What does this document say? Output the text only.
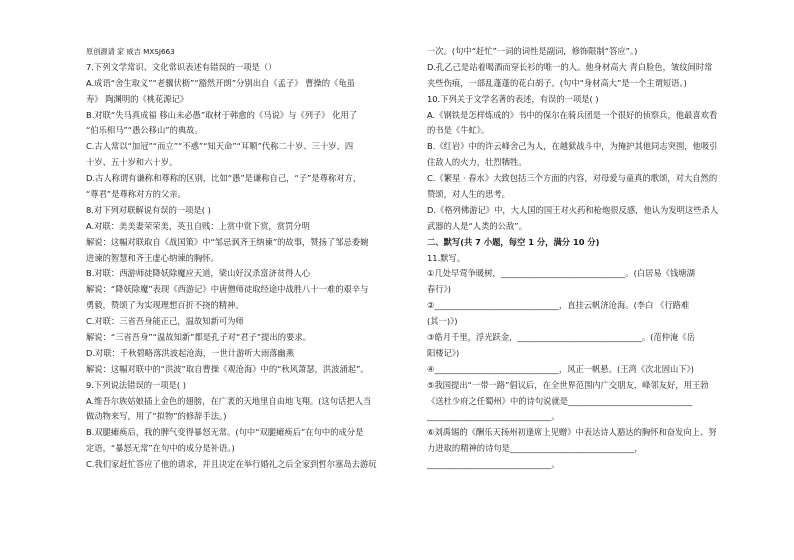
原创源请 家 威吉 MXSJ663
7.下列文学常识、文化常识表述有错误的一项是（）
A.成语“舍生取义”“老骥伏枥”“豁然开朗”分别出自《孟子》 曹操的《龟虽
寿》 陶渊明的《桃花源记》
B.对联“失马真成福 移山未必愚”取材于韩愈的《马说》与《列子》 化用了
“伯乐相马”“愚公移山”的典故。
C.古人常以“加冠”“而立”“不惑”“知天命”“耳顺”代称二十岁、三十岁、四
十岁、五十岁和六十岁。
D.古人称谓有谦称和尊称的区别，比如“愚”是谦称自己，“子”是尊称对方，
“尊君”是尊称对方的父亲。
8.对下列对联解说有误的一项是( )
A.对联：美美妻荣荣美，英丑自贱：上赏中赏下赏，赏罚分明
解说：这幅对联取自《战国策》中“邹忌讽齐王纳谏”的故事，赞扬了邹忌委婉
进谏的智慧和齐王虚心纳谏的胸怀。
B.对联：西游师徒降妖除魔应天道，梁山好汉杀富济贫得人心
解说：“降妖除魔”表现《西游记》中唐僧师徒取经途中战胜八十一难的艰辛与
勇毅，赞颂了为实现理想百折不挠的精神。
C.对联：三省吾身能正己，温故知新可为师
解说：“三省吾身”“温故知新”都是孔子对“君子”提出的要求。
D.对联：千秋碧略落洪波起沧海，一世计游听大雨落幽燕
解说：这幅对联中的“洪波”取自曹操《观沧海》中的“秋风萧瑟，洪波涌起”。
9.下列说法错误的一项是( )
A.维吾尔族姑娘插上金色的翅膀，在广袤的天地里自由地飞翔。(这句话把人当
做动物来写，用了“拟物”的修辞手法。)
B.双腿瘫痪后，我的脾气变得暴怒无常。(句中“双腿瘫痪后”在句中的成分是
定语，“暴怒无常”在句中的成分是补语。)
C.我们家赶忙答应了他的请求，并且决定在举行婚礼之后全家到哲尔塞岛去游玩
一次。(句中“赶忙”一词的词性是副词，修饰限制“答应”。)
D.孔乙己是站着喝酒而穿长衫的唯一的人。他身材高大 青白脸色，皱纹间时常
夹些伤痕，一部乱蓬蓬的花白胡子。(句中“身材高大”是一个主谓短语。)
10.下列关于文学名著的表述，有误的一项是( )
A.《钢铁是怎样炼成的》书中的保尔在骑兵团是一个很好的侦察兵，他最喜欢看
的书是《牛虻》。
B.《红岩》中的许云峰舍己为人，在越狱战斗中，为掩护其他同志突围，他吸引
住敌人的火力，壮烈牺牲。
C.《繁星 · 春水》大致包括三个方面的内容，对母爱与童真的歌颂，对大自然的
赞颂，对人生的思考。
D.《格列佛游记》中，大人国的国王对火药和枪炮很反感，他认为发明这些杀人
武器的人是“人类的公敌”。
二、默写(共 7 小题，每空 1 分，满分 10 分)
11.默写。
①几处早莺争暖树，______________________________。(白居易《钱塘湖
春行》)
②______________________________，直挂云帆济沧海。(李白 《行路难
(其一)》)
③皓月千里，浮光跃金，______________________________。(范仲淹《岳
阳楼记》)
④______________________________，风正一帆悬。(王湾《次北固山下》)
⑤我国提出“一带一路”倡议后，在全世界范围内广交朋友，峰邻友好，用王勃
《送杜少府之任蜀州》中的诗句说就是______________________________
______________________________。
⑥刘禹锡的《酬乐天扬州初逢席上见赠》中表达诗人豁达的胸怀和奋发向上、努
力进取的精神的诗句是______________________________，
______________________________。
